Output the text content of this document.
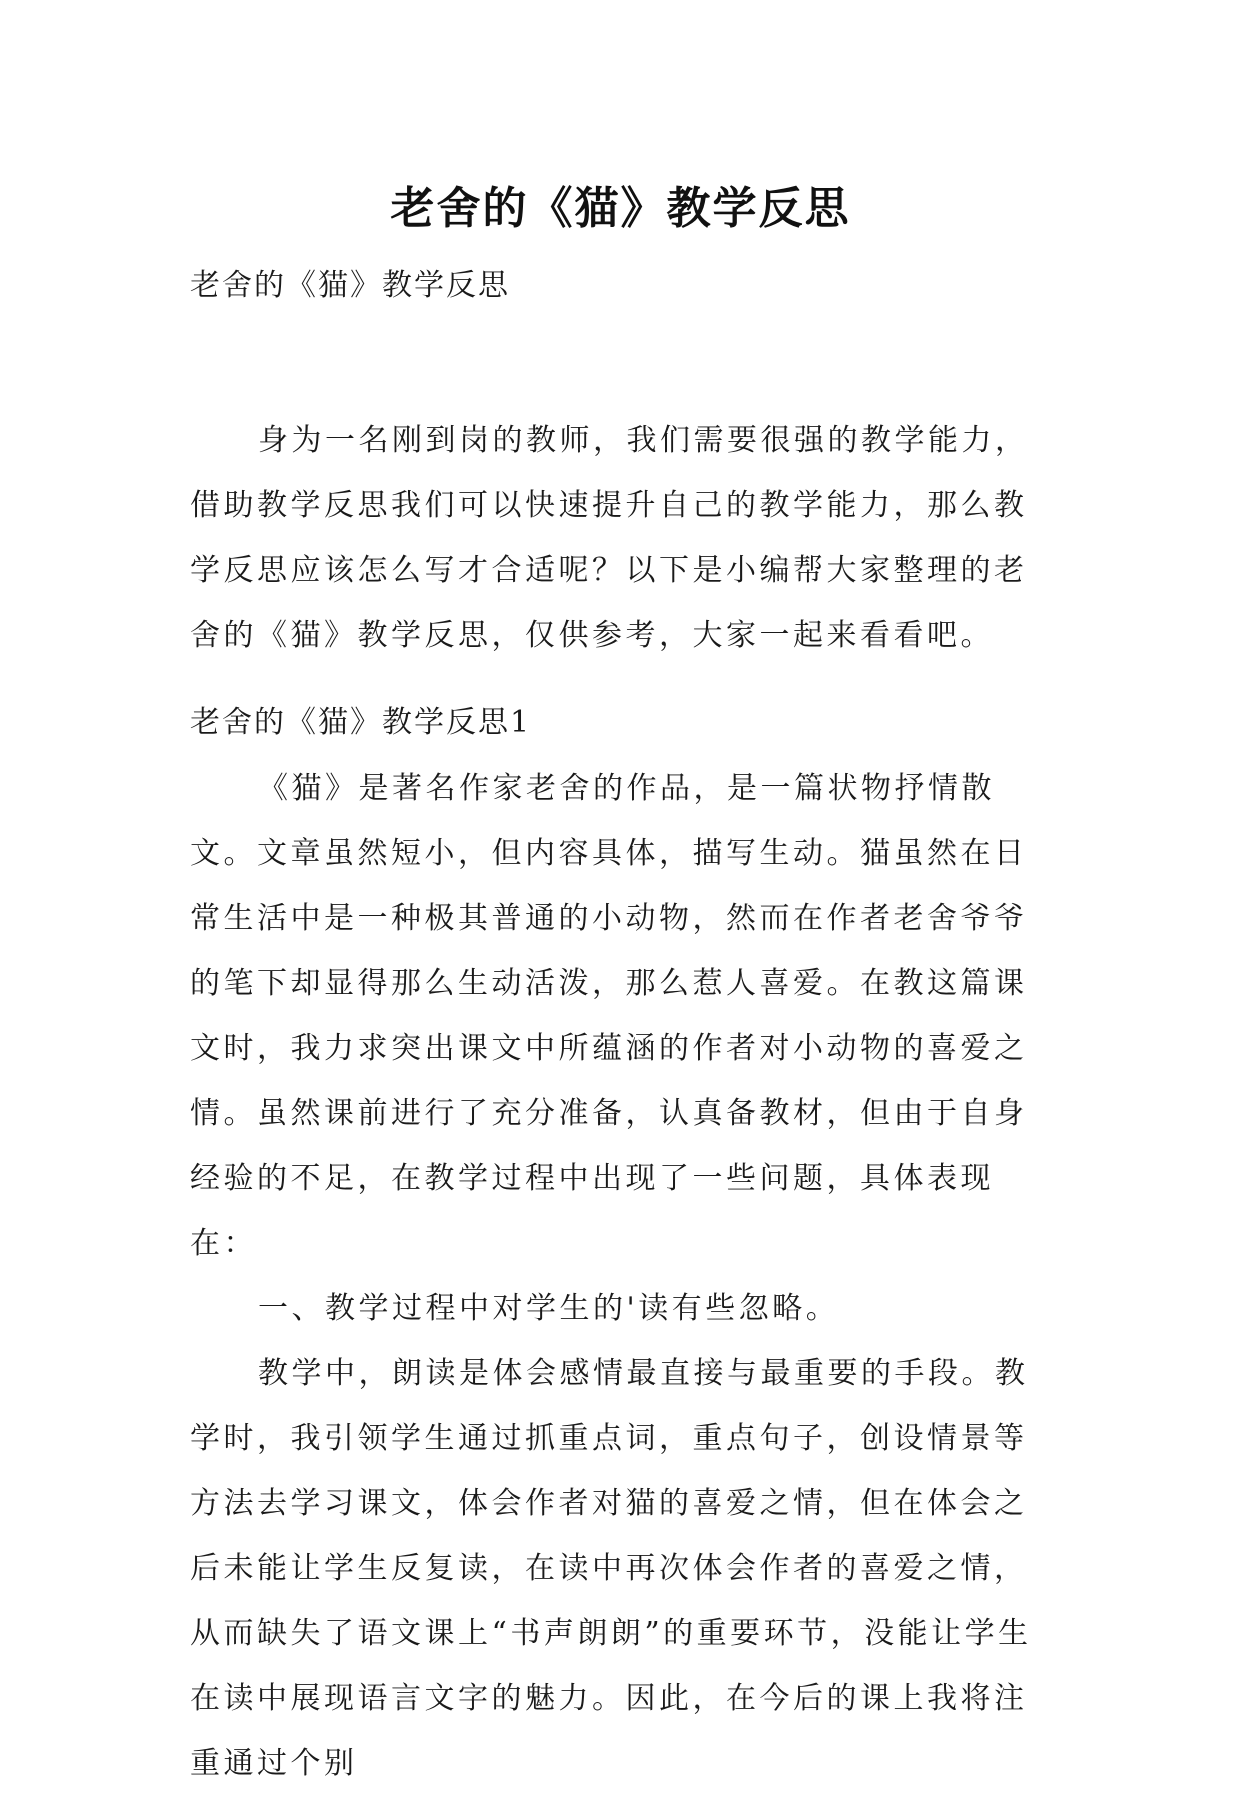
老舍的《猫》教学反思
老舍的《猫》教学反思

身为一名刚到岗的教师，我们需要很强的教学能力，借助教学反思我们可以快速提升自己的教学能力，那么教学反思应该怎么写才合适呢？以下是小编帮大家整理的老舍的《猫》教学反思，仅供参考，大家一起来看看吧。

老舍的《猫》教学反思1

《猫》是著名作家老舍的作品，是一篇状物抒情散文。文章虽然短小，但内容具体，描写生动。猫虽然在日常生活中是一种极其普通的小动物，然而在作者老舍爷爷的笔下却显得那么生动活泼，那么惹人喜爱。在教这篇课文时，我力求突出课文中所蕴涵的作者对小动物的喜爱之情。虽然课前进行了充分准备，认真备教材，但由于自身经验的不足，在教学过程中出现了一些问题，具体表现在：

一、教学过程中对学生的'读有些忽略。

教学中，朗读是体会感情最直接与最重要的手段。教学时，我引领学生通过抓重点词，重点句子，创设情景等方法去学习课文，体会作者对猫的喜爱之情，但在体会之后未能让学生反复读，在读中再次体会作者的喜爱之情，从而缺失了语文课上“书声朗朗”的重要环节，没能让学生在读中展现语言文字的魅力。因此，在今后的课上我将注重通过个别
